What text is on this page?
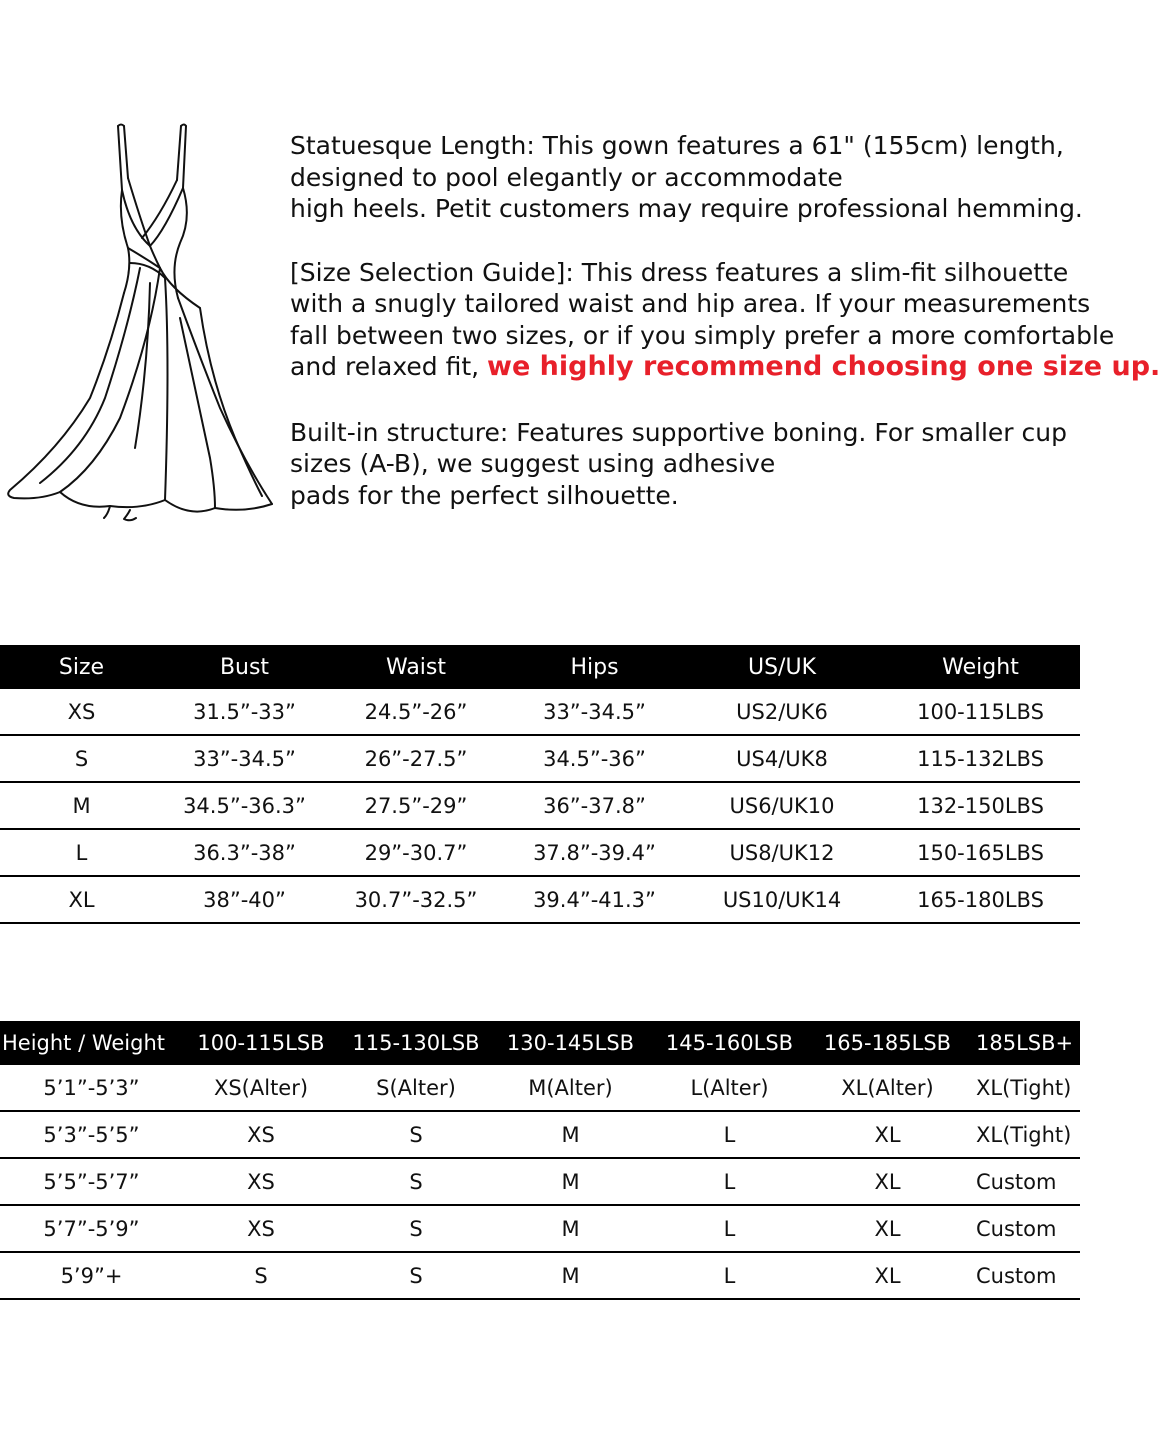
Statuesque Length: This gown features a 61" (155cm) length,
designed to pool elegantly or accommodate
high heels. Petit customers may require professional hemming.

[Size Selection Guide]: This dress features a slim-fit silhouette
with a snugly tailored waist and hip area. If your measurements
fall between two sizes, or if you simply prefer a more comfortable
and relaxed fit, we highly recommend choosing one size up.

Built-in structure: Features supportive boning. For smaller cup
sizes (A-B), we suggest using adhesive
pads for the perfect silhouette.

Size	Bust	Waist	Hips	US/UK	Weight
XS	31.5”-33”	24.5”-26”	33”-34.5”	US2/UK6	100-115LBS
S	33”-34.5”	26”-27.5”	34.5”-36”	US4/UK8	115-132LBS
M	34.5”-36.3”	27.5”-29”	36”-37.8”	US6/UK10	132-150LBS
L	36.3”-38”	29”-30.7”	37.8”-39.4”	US8/UK12	150-165LBS
XL	38”-40”	30.7”-32.5”	39.4”-41.3”	US10/UK14	165-180LBS
Height / Weight	100-115LSB	115-130LSB	130-145LSB	145-160LSB	165-185LSB	185LSB+
5’1”-5’3”	XS(Alter)	S(Alter)	M(Alter)	L(Alter)	XL(Alter)	XL(Tight)
5’3”-5’5”	XS	S	M	L	XL	XL(Tight)
5’5”-5’7”	XS	S	M	L	XL	Custom
5’7”-5’9”	XS	S	M	L	XL	Custom
5’9”+	S	S	M	L	XL	Custom
